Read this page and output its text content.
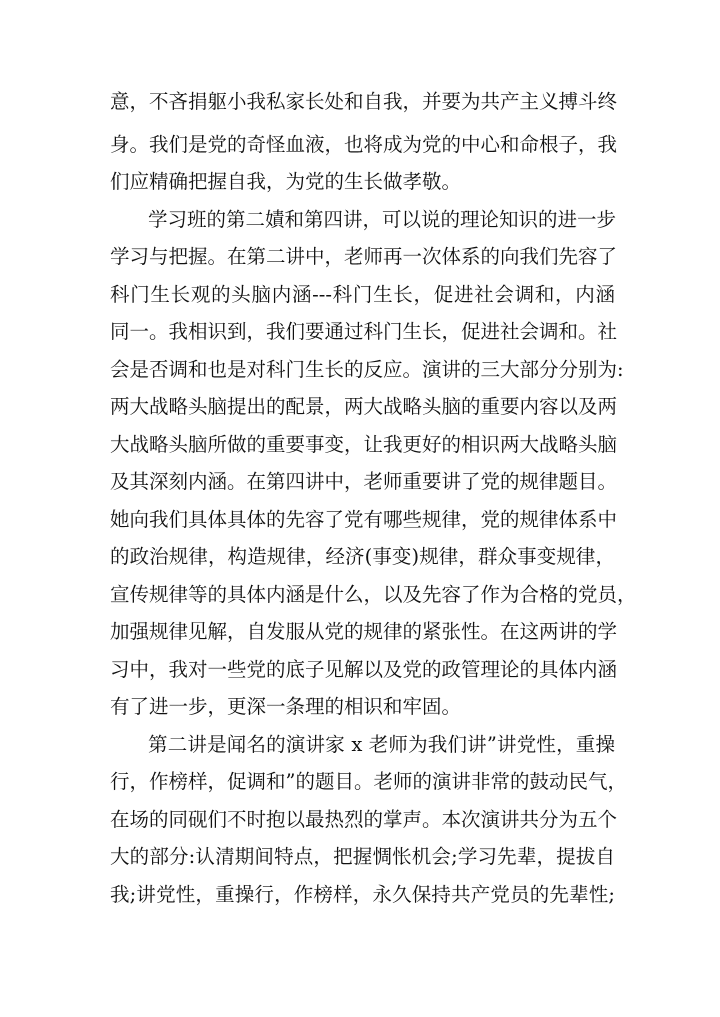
意，不吝捐躯小我私家长处和自我，并要为共产主义搏斗终
身。我们是党的奇怪血液，也将成为党的中心和命根子，我
们应精确把握自我，为党的生长做孝敬。
学习班的第二嫧和第四讲，可以说的理论知识的进一步
学习与把握。在第二讲中，老师再一次体系的向我们先容了
科门生长观的头脑内涵---科门生长，促进社会调和，内涵
同一。我相识到，我们要通过科门生长，促进社会调和。社
会是否调和也是对科门生长的反应。演讲的三大部分分别为:
两大战略头脑提出的配景，两大战略头脑的重要内容以及两
大战略头脑所做的重要事变，让我更好的相识两大战略头脑
及其深刻内涵。在第四讲中，老师重要讲了党的规律题目。
她向我们具体具体的先容了党有哪些规律，党的规律体系中
的政治规律，构造规律，经济(事变)规律，群众事变规律，
宣传规律等的具体内涵是什么，以及先容了作为合格的党员，
加强规律见解，自发服从党的规律的紧张性。在这两讲的学
习中，我对一些党的底子见解以及党的政管理论的具体内涵
有了进一步，更深一条理的相识和牢固。
第二讲是闻名的演讲家 x 老师为我们讲”讲党性，重操
行，作榜样，促调和”的题目。老师的演讲非常的鼓动民气，
在场的同砚们不时抱以最热烈的掌声。本次演讲共分为五个
大的部分:认清期间特点，把握惆怅机会;学习先辈，提拔自
我;讲党性，重操行，作榜样，永久保持共产党员的先辈性;
